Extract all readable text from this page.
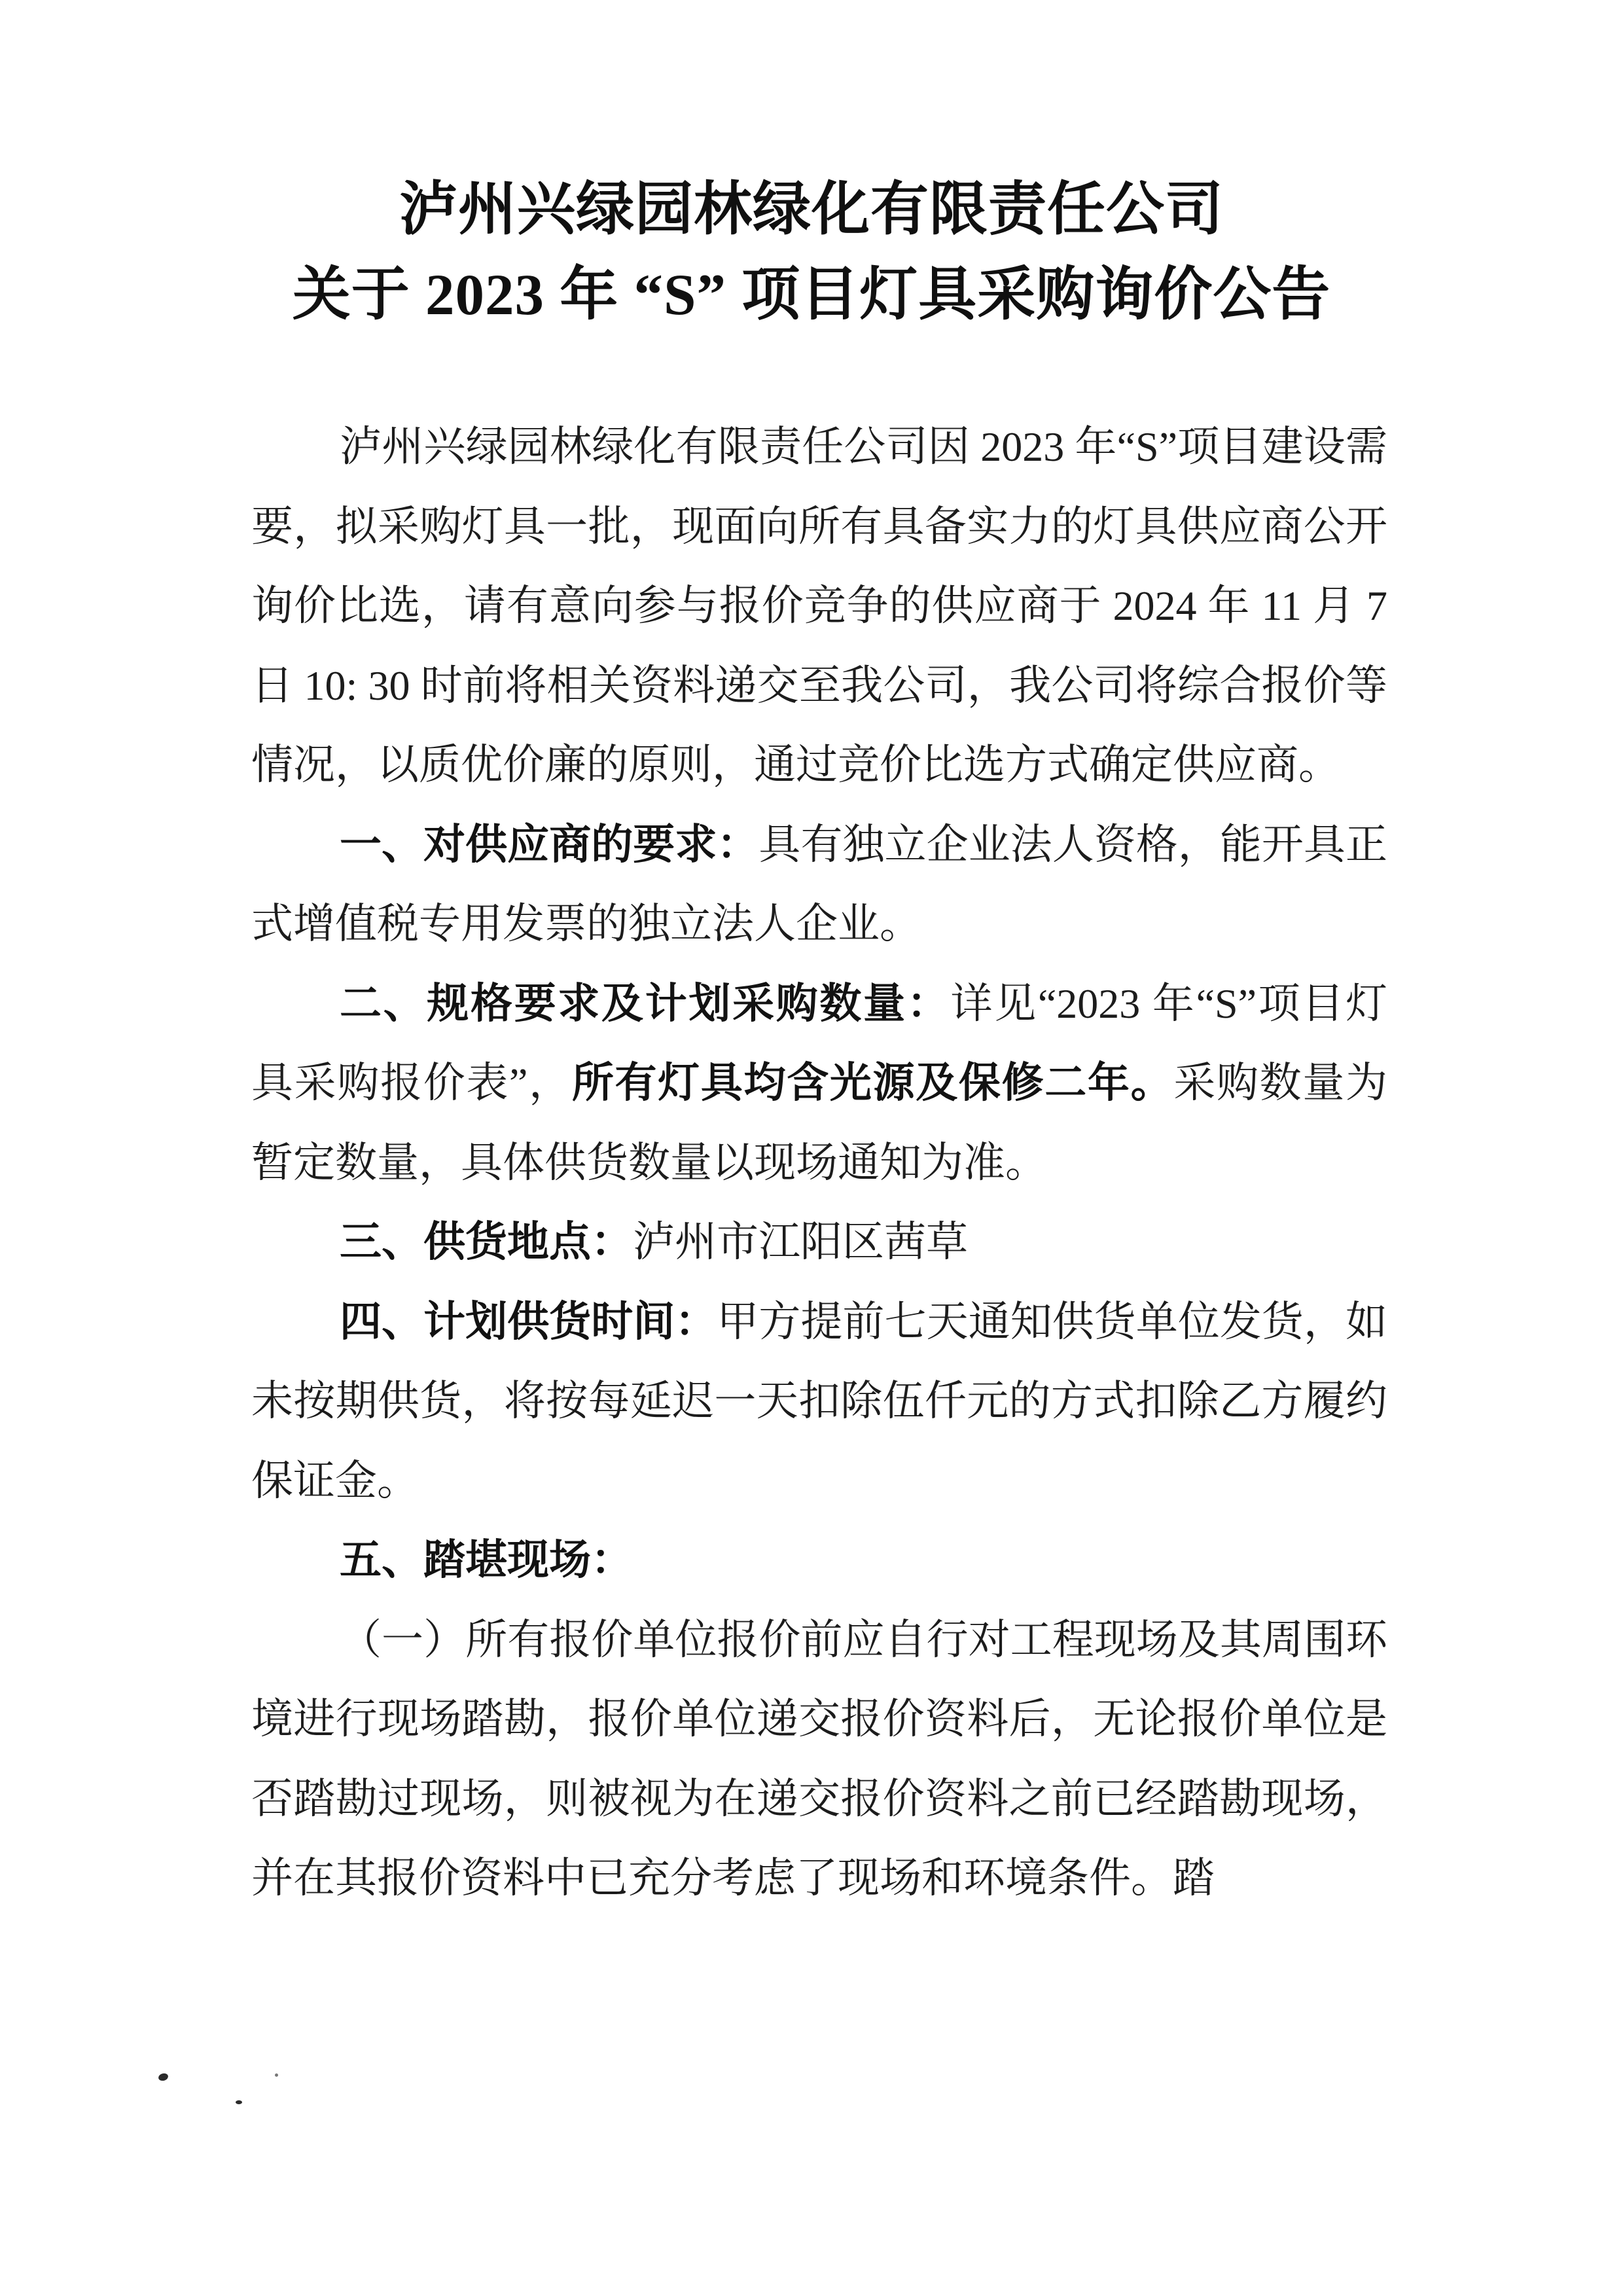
泸州兴绿园林绿化有限责任公司
关于 2023 年 “S” 项目灯具采购询价公告

泸州兴绿园林绿化有限责任公司因 2023 年“S”项目建设需要，拟采购灯具一批，现面向所有具备实力的灯具供应商公开询价比选，请有意向参与报价竞争的供应商于 2024 年 11 月 7 日 10: 30 时前将相关资料递交至我公司，我公司将综合报价等情况，以质优价廉的原则，通过竞价比选方式确定供应商。

一、对供应商的要求：具有独立企业法人资格，能开具正式增值税专用发票的独立法人企业。

二、规格要求及计划采购数量：详见“2023 年“S”项目灯具采购报价表”，所有灯具均含光源及保修二年。采购数量为暂定数量，具体供货数量以现场通知为准。

三、供货地点：泸州市江阳区茜草

四、计划供货时间：甲方提前七天通知供货单位发货，如未按期供货，将按每延迟一天扣除伍仟元的方式扣除乙方履约保证金。

五、踏堪现场：

（一）所有报价单位报价前应自行对工程现场及其周围环境进行现场踏勘，报价单位递交报价资料后，无论报价单位是否踏勘过现场，则被视为在递交报价资料之前已经踏勘现场，并在其报价资料中已充分考虑了现场和环境条件。踏
